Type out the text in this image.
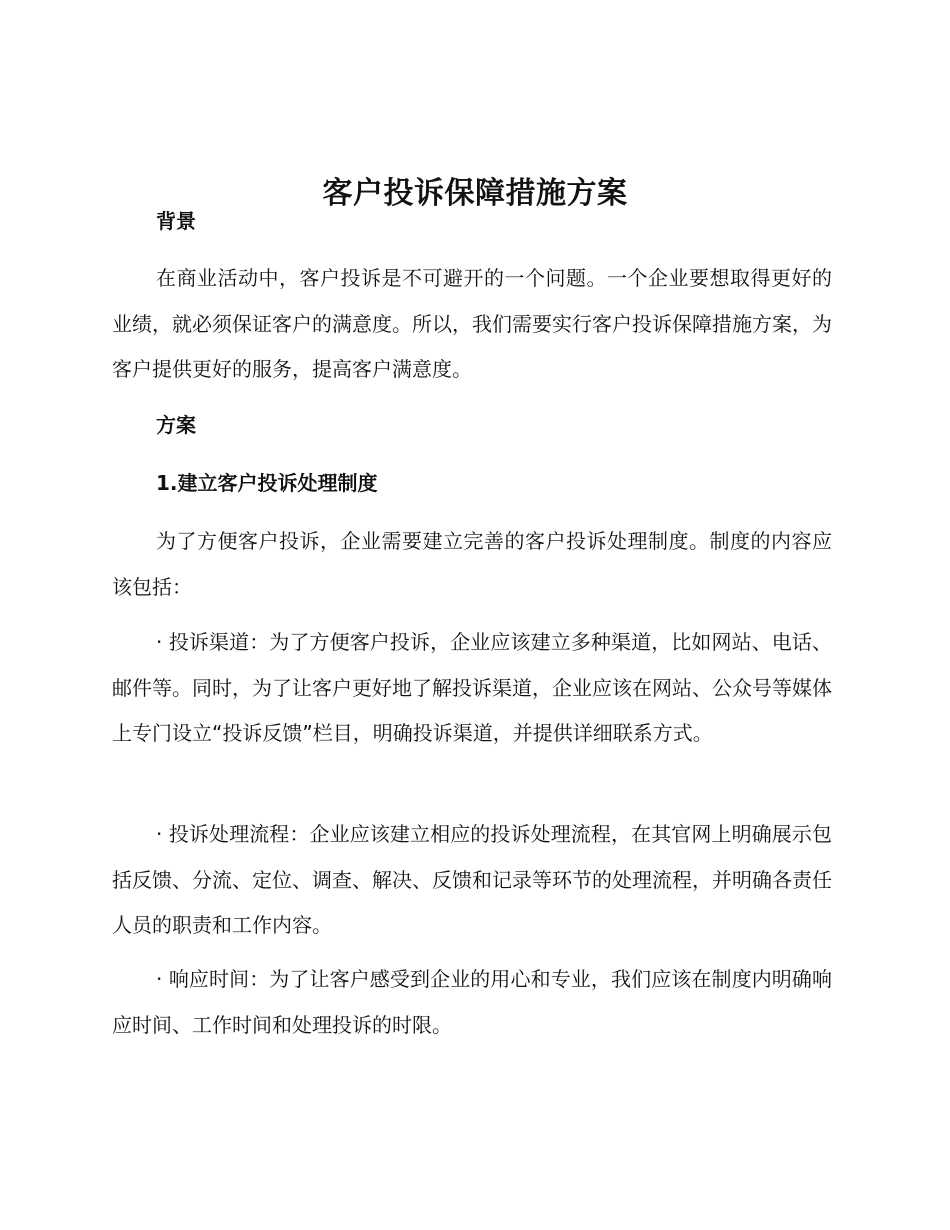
客户投诉保障措施方案

背景

在商业活动中，客户投诉是不可避开的一个问题。一个企业要想取得更好的业绩，就必须保证客户的满意度。所以，我们需要实行客户投诉保障措施方案，为客户提供更好的服务，提高客户满意度。

方案

1.建立客户投诉处理制度

为了方便客户投诉，企业需要建立完善的客户投诉处理制度。制度的内容应该包括：

· 投诉渠道：为了方便客户投诉，企业应该建立多种渠道，比如网站、电话、邮件等。同时，为了让客户更好地了解投诉渠道，企业应该在网站、公众号等媒体上专门设立“投诉反馈”栏目，明确投诉渠道，并提供详细联系方式。

· 投诉处理流程：企业应该建立相应的投诉处理流程，在其官网上明确展示包括反馈、分流、定位、调查、解决、反馈和记录等环节的处理流程，并明确各责任人员的职责和工作内容。

· 响应时间：为了让客户感受到企业的用心和专业，我们应该在制度内明确响应时间、工作时间和处理投诉的时限。
